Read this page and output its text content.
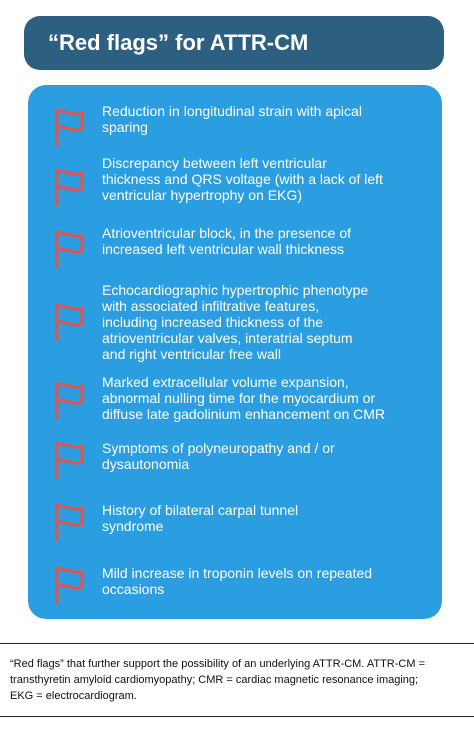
“Red flags” for ATTR-CM
Reduction in longitudinal strain with apical
sparing
Discrepancy between left ventricular
thickness and QRS voltage (with a lack of left
ventricular hypertrophy on EKG)
Atrioventricular block, in the presence of
increased left ventricular wall thickness
Echocardiographic hypertrophic phenotype
with associated infiltrative features,
including increased thickness of the
atrioventricular valves, interatrial septum
and right ventricular free wall
Marked extracellular volume expansion,
abnormal nulling time for the myocardium or
diffuse late gadolinium enhancement on CMR
Symptoms of polyneuropathy and / or
dysautonomia
History of bilateral carpal tunnel
syndrome
Mild increase in troponin levels on repeated
occasions
“Red flags” that further support the possibility of an underlying ATTR-CM. ATTR-CM =
transthyretin amyloid cardiomyopathy; CMR = cardiac magnetic resonance imaging;
EKG = electrocardiogram.
